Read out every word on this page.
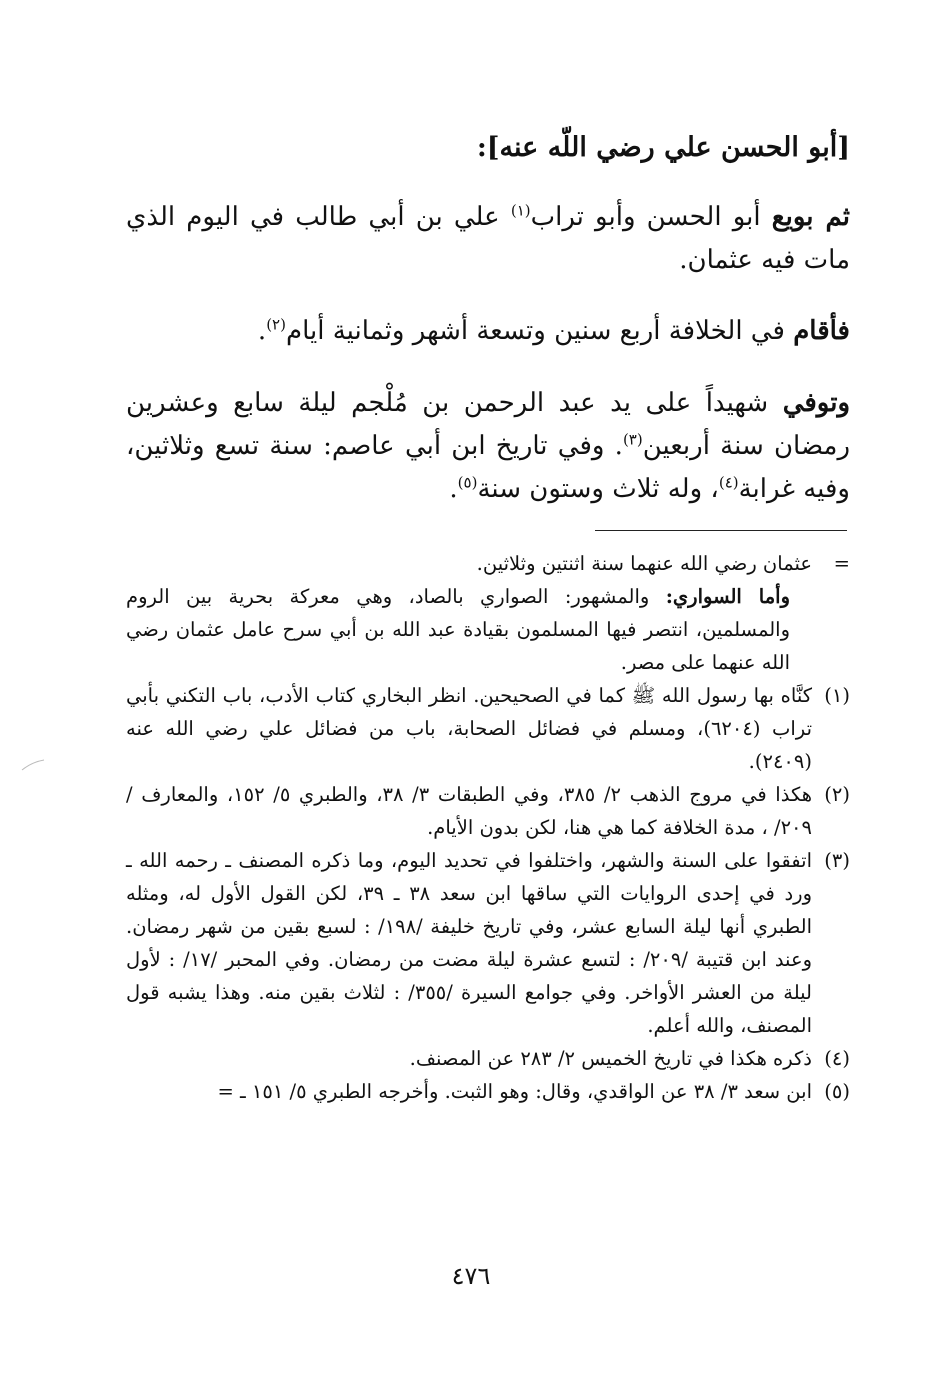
[أبو الحسن علي رضي اللّه عنه]:
ثم بويع أبو الحسن وأبو تراب$^{(١)}$ علي بن أبي طالب في اليوم الذي مات فيه عثمان.
فأقام في الخلافة أربع سنين وتسعة أشهر وثمانية أيام$^{(٢)}$.
وتوفي شهيداً على يد عبد الرحمن بن مُلْجم ليلة سابع وعشرين رمضان سنة أربعين$^{(٣)}$. وفي تاريخ ابن أبي عاصم: سنة تسع وثلاثين، وفيه غرابة$^{(٤)}$، وله ثلاث وستون سنة$^{(٥)}$.
=
عثمان رضي الله عنهما سنة اثنتين وثلاثين.
وأما السواري: والمشهور: الصواري بالصاد، وهي معركة بحرية بين الروم والمسلمين، انتصر فيها المسلمون بقيادة عبد الله بن أبي سرح عامل عثمان رضي الله عنهما على مصر.
(١)
كنَّاه بها رسول الله ﷺ كما في الصحيحين. انظر البخاري كتاب الأدب، باب التكني بأبي تراب (٦٢٠٤)، ومسلم في فضائل الصحابة، باب من فضائل علي رضي الله عنه (٢٤٠٩).
(٢)
هكذا في مروج الذهب ٢/ ٣٨٥، وفي الطبقات ٣/ ٣٨، والطبري ٥/ ١٥٢، والمعارف /٢٠٩/ ، مدة الخلافة كما هي هنا، لكن بدون الأيام.
(٣)
اتفقوا على السنة والشهر، واختلفوا في تحديد اليوم، وما ذكره المصنف ـ رحمه الله ـ ورد في إحدى الروايات التي ساقها ابن سعد ٣٨ ـ ٣٩، لكن القول الأول له، ومثله الطبري أنها ليلة السابع عشر، وفي تاريخ خليفة /١٩٨/ : لسبع بقين من شهر رمضان. وعند ابن قتيبة /٢٠٩/ : لتسع عشرة ليلة مضت من رمضان. وفي المحبر /١٧/ : لأول ليلة من العشر الأواخر. وفي جوامع السيرة /٣٥٥/ : لثلاث بقين منه. وهذا يشبه قول المصنف، والله أعلم.
(٤)
ذكره هكذا في تاريخ الخميس ٢/ ٢٨٣ عن المصنف.
(٥)
ابن سعد ٣/ ٣٨ عن الواقدي، وقال: وهو الثبت. وأخرجه الطبري ٥/ ١٥١ ـ =
٤٧٦
